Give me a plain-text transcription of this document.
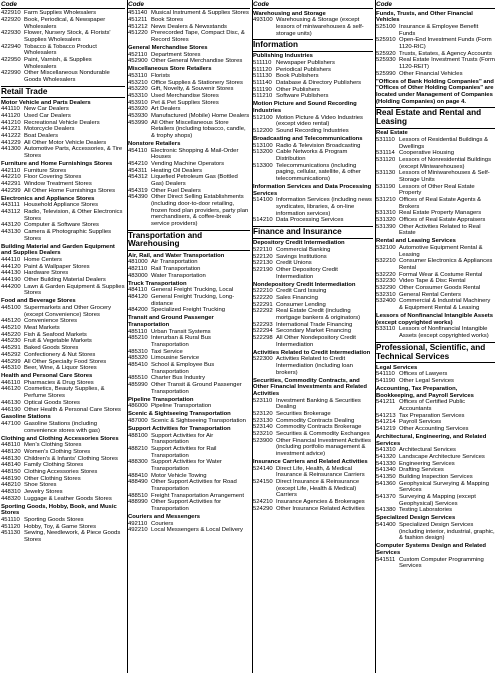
Code
422910 Farm Supplies Wholesalers
422920 Book, Periodical, & Newspaper Wholesalers
422930 Flower, Nursery Stock, & Florists' Supplies Wholesalers
422940 Tobacco & Tobacco Product Wholesalers
422950 Paint, Varnish, & Supplies Wholesalers
422990 Other Miscellaneous Nondurable Goods Wholesalers
Retail Trade
Motor Vehicle and Parts Dealers
441110 New Car Dealers
441120 Used Car Dealers
441210 Recreational Vehicle Dealers
441221 Motorcycle Dealers
441222 Boat Dealers
441229 All Other Motor Vehicle Dealers
441300 Automotive Parts, Accessories, & Tire Stores
Furniture and Home Furnishings Stores
442110 Furniture Stores
442210 Floor Covering Stores
442291 Window Treatment Stores
442299 All Other Home Furnishings Stores
Electronics and Appliance Stores
443111 Household Appliance Stores
443112 Radio, Television, & Other Electronics Stores
443120 Computer & Software Stores
443130 Camera & Photographic Supplies Stores
Building Material and Garden Equipment and Supplies Dealers
444110 Home Centers
444120 Paint & Wallpaper Stores
444130 Hardware Stores
444190 Other Building Material Dealers
444200 Lawn & Garden Equipment & Supplies Stores
Food and Beverage Stores
445100 Supermarkets and Other Grocery (except Convenience) Stores
445120 Convenience Stores
445210 Meat Markets
445220 Fish & Seafood Markets
445230 Fruit & Vegetable Markets
445291 Baked Goods Stores
445292 Confectionery & Nut Stores
445299 All Other Specialty Food Stores
445310 Beer, Wine, & Liquor Stores
Health and Personal Care Stores
446110 Pharmacies & Drug Stores
446120 Cosmetics, Beauty Supplies, & Perfume Stores
446130 Optical Goods Stores
446190 Other Health & Personal Care Stores
Gasoline Stations
447100 Gasoline Stations (including convenience stores with gas)
Clothing and Clothing Accessories Stores
448110 Men's Clothing Stores
448120 Women's Clothing Stores
448130 Children's & Infants' Clothing Stores
448140 Family Clothing Stores
448150 Clothing Accessories Stores
448190 Other Clothing Stores
448210 Shoe Stores
448310 Jewelry Stores
448320 Luggage & Leather Goods Stores
Sporting Goods, Hobby, Book, and Music Stores
451110 Sporting Goods Stores
451120 Hobby, Toy, & Game Stores
451130 Sewing, Needlework, & Piece Goods Stores
Code
451140 Musical Instrument & Supplies Stores
451211 Book Stores
451212 News Dealers & Newsstands
451220 Prerecorded Tape, Compact Disc, & Record Stores
General Merchandise Stores
452110 Department Stores
452900 Other General Merchandise Stores
Miscellaneous Store Retailers
453110 Florists
453210 Office Supplies & Stationery Stores
453220 Gift, Novelty, & Souvenir Stores
453310 Used Merchandise Stores
453910 Pet & Pet Supplies Stores
453920 Art Dealers
453930 Manufactured (Mobile) Home Dealers
453990 All Other Miscellaneous Store Retailers (including tobacco, candle, & trophy shops)
Nonstore Retailers
454110 Electronic Shopping & Mail-Order Houses
454210 Vending Machine Operators
454311 Heating Oil Dealers
454312 Liquefied Petroleum Gas (Bottled Gas) Dealers
454319 Other Fuel Dealers
454390 Other Direct Selling Establishments (including door-to-door retailing, frozen food plan providers, party plan merchandisers, & coffee-break service providers)
Transportation and Warehousing
Air, Rail, and Water Transportation
481000 Air Transportation
482110 Rail Transportation
483000 Water Transportation
Truck Transportation
484110 General Freight Trucking, Local
484120 General Freight Trucking, Long-distance
484200 Specialized Freight Trucking
Transit and Ground Passenger Transportation
485110 Urban Transit Systems
485210 Interurban & Rural Bus Transportation
485310 Taxi Service
485320 Limousine Service
485410 School & Employee Bus Transportation
485510 Charter Bus Industry
485990 Other Transit & Ground Passenger Transportation
Pipeline Transportation
486000 Pipeline Transportation
Scenic & Sightseeing Transportation
487000 Scenic & Sightseeing Transportation
Support Activities for Transportation
488100 Support Activities for Air Transportation
488210 Support Activities for Rail Transportation
488300 Support Activities for Water Transportation
488410 Motor Vehicle Towing
488490 Other Support Activities for Road Transportation
488510 Freight Transportation Arrangement
488990 Other Support Activities for Transportation
Couriers and Messengers
492110 Couriers
492210 Local Messengers & Local Delivery
Code
Warehousing and Storage
493100 Warehousing & Storage (except lessors of miniwarehouses & self-storage units)
Information
Publishing Industries
511110 Newspaper Publishers
511120 Periodical Publishers
511130 Book Publishers
511140 Database & Directory Publishers
511190 Other Publishers
511210 Software Publishers
Motion Picture and Sound Recording Industries
512100 Motion Picture & Video Industries (except video rental)
512200 Sound Recording Industries
Broadcasting and Telecommunications
513100 Radio & Television Broadcasting
513200 Cable Networks & Program Distribution
513300 Telecommunications (including paging, cellular, satellite, & other telecommunications)
Information Services and Data Processing Services
514100 Information Services (including news syndicates, libraries, & on-line information services)
514210 Data Processing Services
Finance and Insurance
Depository Credit Intermediation
522110 Commercial Banking
522120 Savings Institutions
522130 Credit Unions
522190 Other Depository Credit Intermediation
Nondepository Credit Intermediation
522210 Credit Card Issuing
522220 Sales Financing
522291 Consumer Lending
522292 Real Estate Credit (including mortgage bankers & originators)
522293 International Trade Financing
522294 Secondary Market Financing
522298 All Other Nondepository Credit Intermediation
Activities Related to Credit Intermediation
522300 Activities Related to Credit Intermediation (including loan brokers)
Securities, Commodity Contracts, and Other Financial Investments and Related Activities
523110 Investment Banking & Securities Dealing
523120 Securities Brokerage
523130 Commodity Contracts Dealing
523140 Commodity Contracts Brokerage
523210 Securities & Commodity Exchanges
523900 Other Financial Investment Activities (including portfolio management & investment advice)
Insurance Carriers and Related Activities
524140 Direct Life, Health, & Medical Insurance & Reinsurance Carriers
524150 Direct Insurance & Reinsurance (except Life, Health & Medical) Carriers
524210 Insurance Agencies & Brokerages
524290 Other Insurance Related Activities
Code
Funds, Trusts, and Other Financial Vehicles
525100 Insurance & Employee Benefit Funds
525910 Open-End Investment Funds (Form 1120-RIC)
525920 Trusts, Estates, & Agency Accounts
525930 Real Estate Investment Trusts (Form 1120-REIT)
525990 Other Financial Vehicles
"Offices of Bank Holding Companies" and "Offices of Other Holding Companies" are located under Management of Companies (Holding Companies) on page 4.
Real Estate and Rental and Leasing
Real Estate
531110 Lessors of Residential Buildings & Dwellings
531114 Cooperative Housing
531120 Lessors of Nonresidential Buildings (except Miniwarehouses)
531130 Lessors of Miniwarehouses & Self-Storage Units
531190 Lessors of Other Real Estate Property
531210 Offices of Real Estate Agents & Brokers
531310 Real Estate Property Managers
531320 Offices of Real Estate Appraisers
531390 Other Activities Related to Real Estate
Rental and Leasing Services
532100 Automotive Equipment Rental & Leasing
532210 Consumer Electronics & Appliances Rental
532220 Formal Wear & Costume Rental
532230 Video Tape & Disc Rental
532290 Other Consumer Goods Rental
532310 General Rental Centers
532400 Commercial & Industrial Machinery & Equipment Rental & Leasing
Lessors of Nonfinancial Intangible Assets (except copyrighted works)
533110 Lessors of Nonfinancial Intangible Assets (except copyrighted works)
Professional, Scientific, and Technical Services
Legal Services
541110 Offices of Lawyers
541190 Other Legal Services
Accounting, Tax Preparation, Bookkeeping, and Payroll Services
541211 Offices of Certified Public Accountants
541213 Tax Preparation Services
541214 Payroll Services
541219 Other Accounting Services
Architectural, Engineering, and Related Services
541310 Architectural Services
541320 Landscape Architecture Services
541330 Engineering Services
541340 Drafting Services
541350 Building Inspection Services
541360 Geophysical Surveying & Mapping Services
541370 Surveying & Mapping (except Geophysical) Services
541380 Testing Laboratories
Specialized Design Services
541400 Specialized Design Services (including interior, industrial, graphic, & fashion design)
Computer Systems Design and Related Services
541511 Custom Computer Programming Services
